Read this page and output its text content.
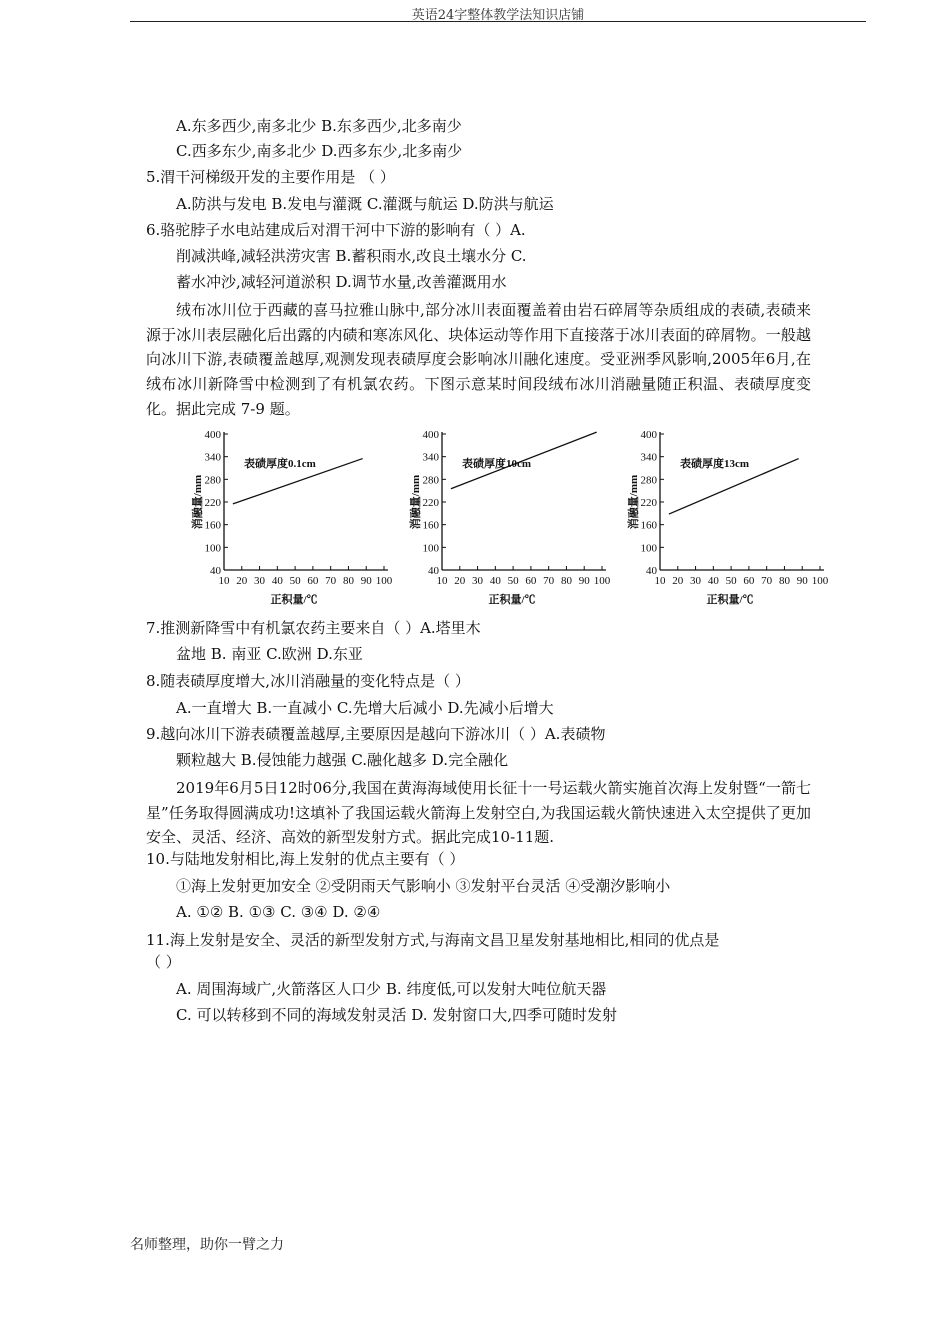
英语24字整体教学法知识店铺
A.东多西少,南多北少 B.东多西少,北多南少
C.西多东少,南多北少 D.西多东少,北多南少
5.渭干河梯级开发的主要作用是 （ ）
A.防洪与发电 B.发电与灌溉 C.灌溉与航运 D.防洪与航运
6.骆驼脖子水电站建成后对渭干河中下游的影响有（ ）A.
削减洪峰,减轻洪涝灾害 B.蓄积雨水,改良土壤水分 C.
蓄水冲沙,减轻河道淤积 D.调节水量,改善灌溉用水
绒布冰川位于西藏的喜马拉雅山脉中,部分冰川表面覆盖着由岩石碎屑等杂质组成的表碛,表碛来源于冰川表层融化后出露的内碛和寒冻风化、块体运动等作用下直接落于冰川表面的碎屑物。一般越向冰川下游,表碛覆盖越厚,观测发现表碛厚度会影响冰川融化速度。受亚洲季风影响,2005年6月,在绒布冰川新降雪中检测到了有机氯农药。下图示意某时间段绒布冰川消融量随正积温、表碛厚度变化。据此完成 7-9 题。
40
100
160
220
280
340
400
10 20 30 40 50 60 70 80 90 100
表碛厚度0.1cm
消融量/mm
正积量/℃
40
100
160
220
280
340
400
10 20 30 40 50 60 70 80 90 100
表碛厚度10cm
消融量/mm
正积量/℃
40
100
160
220
280
340
400
10 20 30 40 50 60 70 80 90 100
表碛厚度13cm
消融量/mm
正积量/℃
7.推测新降雪中有机氯农药主要来自（ ）A.塔里木
盆地 B. 南亚 C.欧洲 D.东亚
8.随表碛厚度增大,冰川消融量的变化特点是（ ）
A.一直增大 B.一直减小 C.先增大后减小 D.先减小后增大
9.越向冰川下游表碛覆盖越厚,主要原因是越向下游冰川（ ）A.表碛物
颗粒越大 B.侵蚀能力越强 C.融化越多 D.完全融化
2019年6月5日12时06分,我国在黄海海域使用长征十一号运载火箭实施首次海上发射暨“一箭七星”任务取得圆满成功!这填补了我国运载火箭海上发射空白,为我国运载火箭快速进入太空提供了更加安全、灵活、经济、高效的新型发射方式。据此完成10-11题.
10.与陆地发射相比,海上发射的优点主要有（ ）
①海上发射更加安全 ②受阴雨天气影响小 ③发射平台灵活 ④受潮汐影响小
A. ①② B. ①③ C. ③④ D. ②④
11.海上发射是安全、灵活的新型发射方式,与海南文昌卫星发射基地相比,相同的优点是
（ ）
A. 周围海域广,火箭落区人口少 B. 纬度低,可以发射大吨位航天器
C. 可以转移到不同的海域发射灵活 D. 发射窗口大,四季可随时发射
名师整理，助你一臂之力
